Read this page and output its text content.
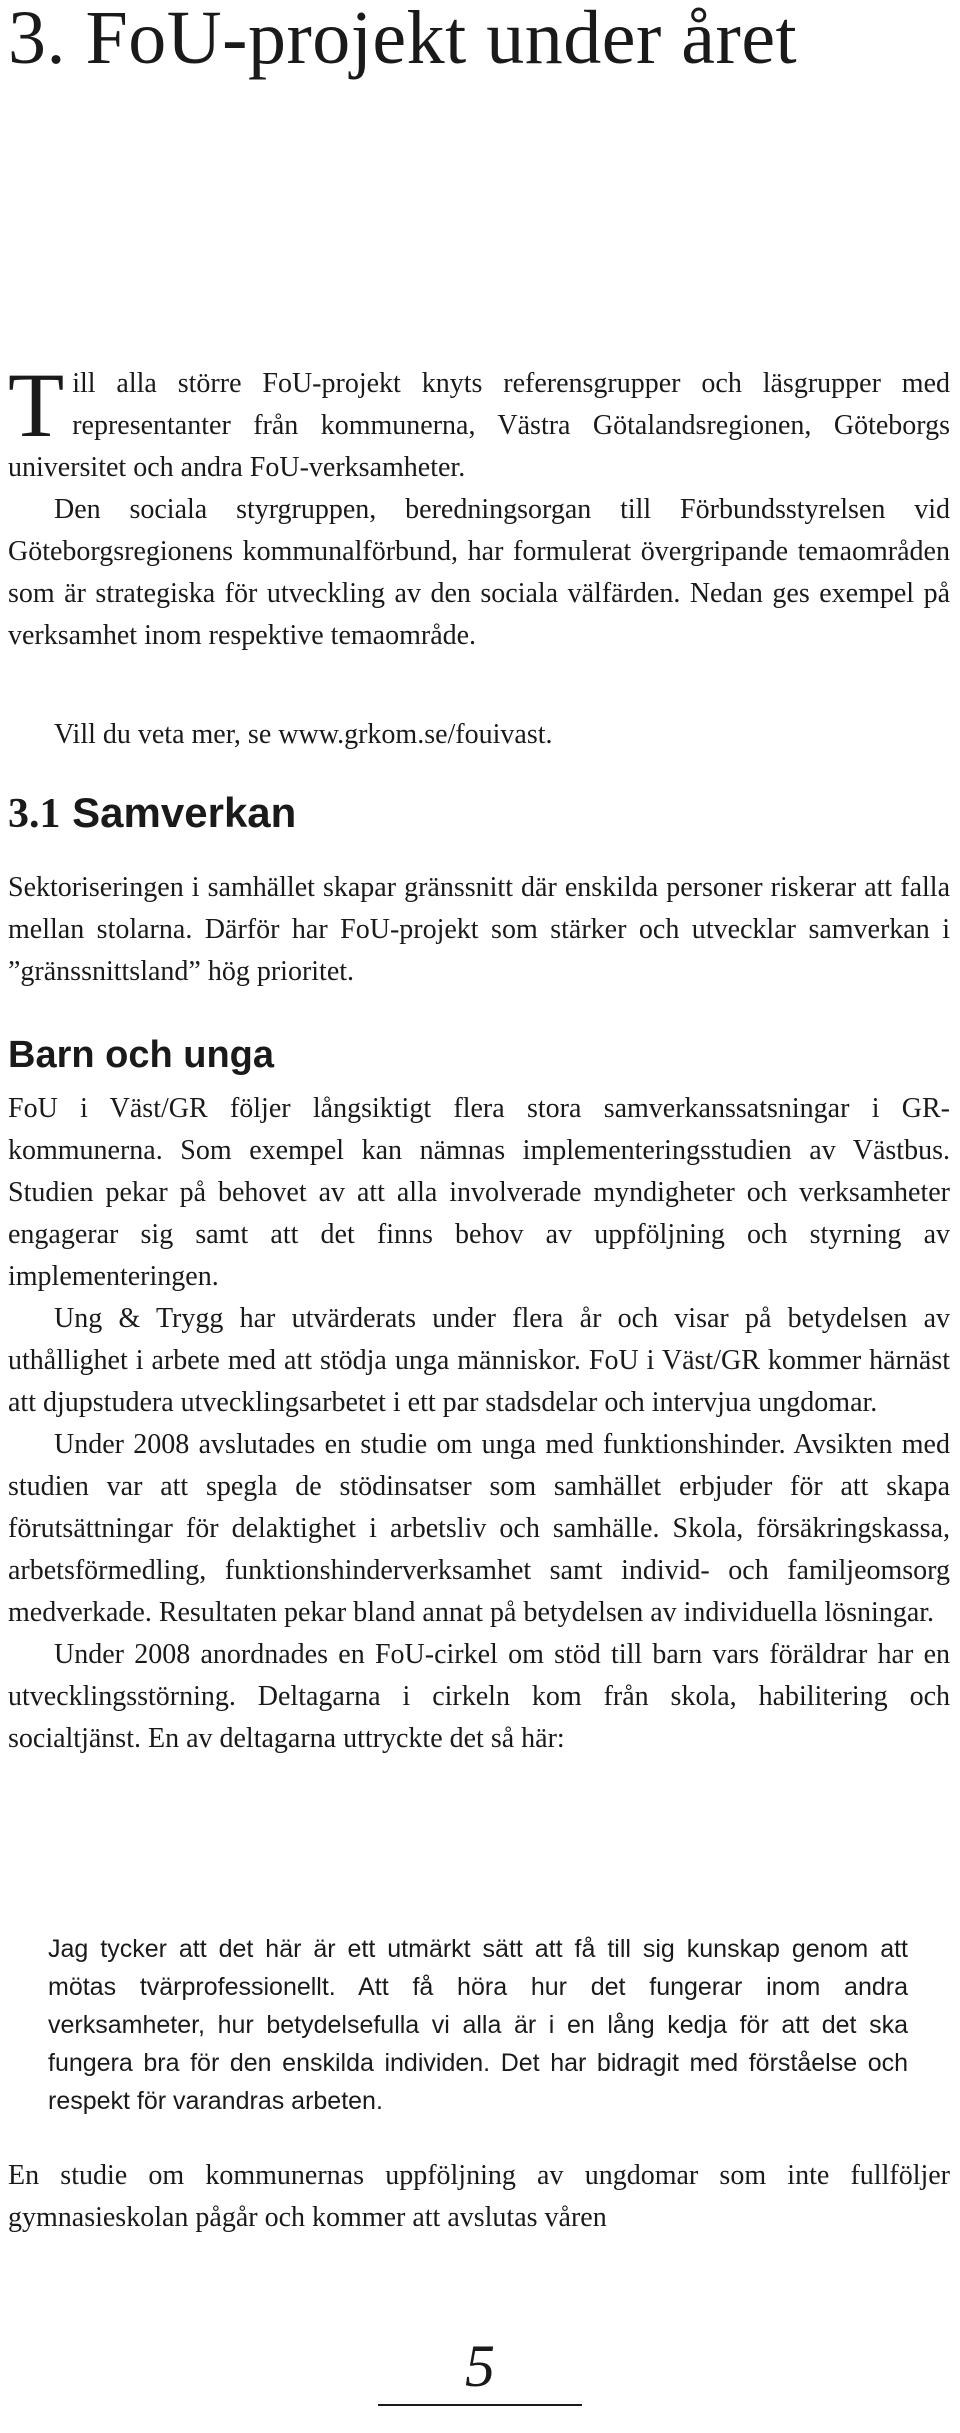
3. FoU-projekt under året

Till alla större FoU-projekt knyts referensgrupper och läsgrupper med representanter från kommunerna, Västra Götalandsregionen, Göteborgs universitet och andra FoU-verksamheter.

Den sociala styrgruppen, beredningsorgan till Förbundsstyrelsen vid Göteborgsregionens kommunalförbund, har formulerat övergripande temaområden som är strategiska för utveckling av den sociala välfärden. Nedan ges exempel på verksamhet inom respektive temaområde.

Vill du veta mer, se www.grkom.se/fouivast.

3.1 Samverkan

Sektoriseringen i samhället skapar gränssnitt där enskilda personer riskerar att falla mellan stolarna. Därför har FoU-projekt som stärker och utvecklar samverkan i ”gränssnittsland” hög prioritet.

Barn och unga

FoU i Väst/GR följer långsiktigt flera stora samverkanssatsningar i GR-kommunerna. Som exempel kan nämnas implementeringsstudien av Västbus. Studien pekar på behovet av att alla involverade myndigheter och verksamheter engagerar sig samt att det finns behov av uppföljning och styrning av implementeringen.

Ung & Trygg har utvärderats under flera år och visar på betydelsen av uthållighet i arbete med att stödja unga människor. FoU i Väst/GR kommer härnäst att djupstudera utvecklingsarbetet i ett par stadsdelar och intervjua ungdomar.

Under 2008 avslutades en studie om unga med funktionshinder. Avsikten med studien var att spegla de stödinsatser som samhället erbjuder för att skapa förutsättningar för delaktighet i arbetsliv och samhälle. Skola, försäkringskassa, arbetsförmedling, funktionshinderverksamhet samt individ- och familjeomsorg medverkade. Resultaten pekar bland annat på betydelsen av individuella lösningar.

Under 2008 anordnades en FoU-cirkel om stöd till barn vars föräldrar har en utvecklingsstörning. Deltagarna i cirkeln kom från skola, habilitering och socialtjänst. En av deltagarna uttryckte det så här:

Jag tycker att det här är ett utmärkt sätt att få till sig kunskap genom att mötas tvärprofessionellt. Att få höra hur det fungerar inom andra verksamheter, hur betydelsefulla vi alla är i en lång kedja för att det ska fungera bra för den enskilda individen. Det har bidragit med förståelse och respekt för varandras arbeten.

En studie om kommunernas uppföljning av ungdomar som inte fullföljer gymnasieskolan pågår och kommer att avslutas våren

5
